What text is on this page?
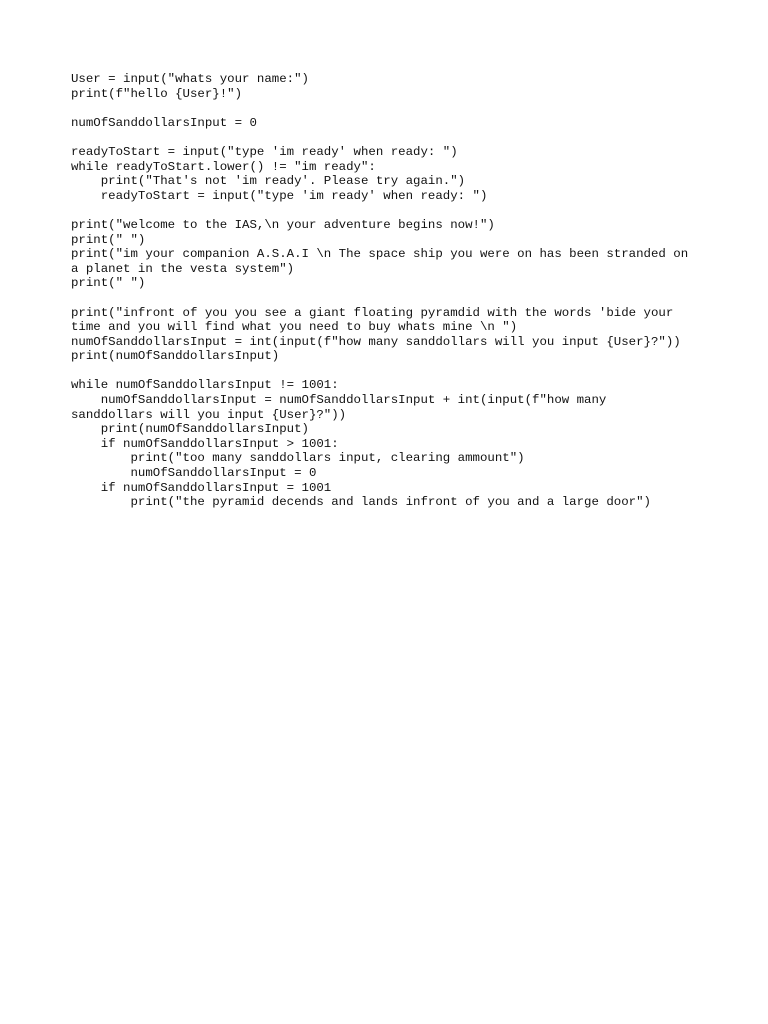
User = input("whats your name:")
print(f"hello {User}!")
numOfSanddollarsInput = 0
readyToStart = input("type 'im ready' when ready: ")
while readyToStart.lower() != "im ready":
print("That's not 'im ready'. Please try again.")
readyToStart = input("type 'im ready' when ready: ")
print("welcome to the IAS,\n your adventure begins now!")
print(" ")
print("im your companion A.S.A.I \n The space ship you were on has been stranded on
a planet in the vesta system")
print(" ")
print("infront of you you see a giant floating pyramdid with the words 'bide your
time and you will find what you need to buy whats mine \n ")
numOfSanddollarsInput = int(input(f"how many sanddollars will you input {User}?"))
print(numOfSanddollarsInput)
while numOfSanddollarsInput != 1001:
numOfSanddollarsInput = numOfSanddollarsInput + int(input(f"how many
sanddollars will you input {User}?"))
print(numOfSanddollarsInput)
if numOfSanddollarsInput > 1001:
print("too many sanddollars input, clearing ammount")
numOfSanddollarsInput = 0
if numOfSanddollarsInput = 1001
print("the pyramid decends and lands infront of you and a large door")
